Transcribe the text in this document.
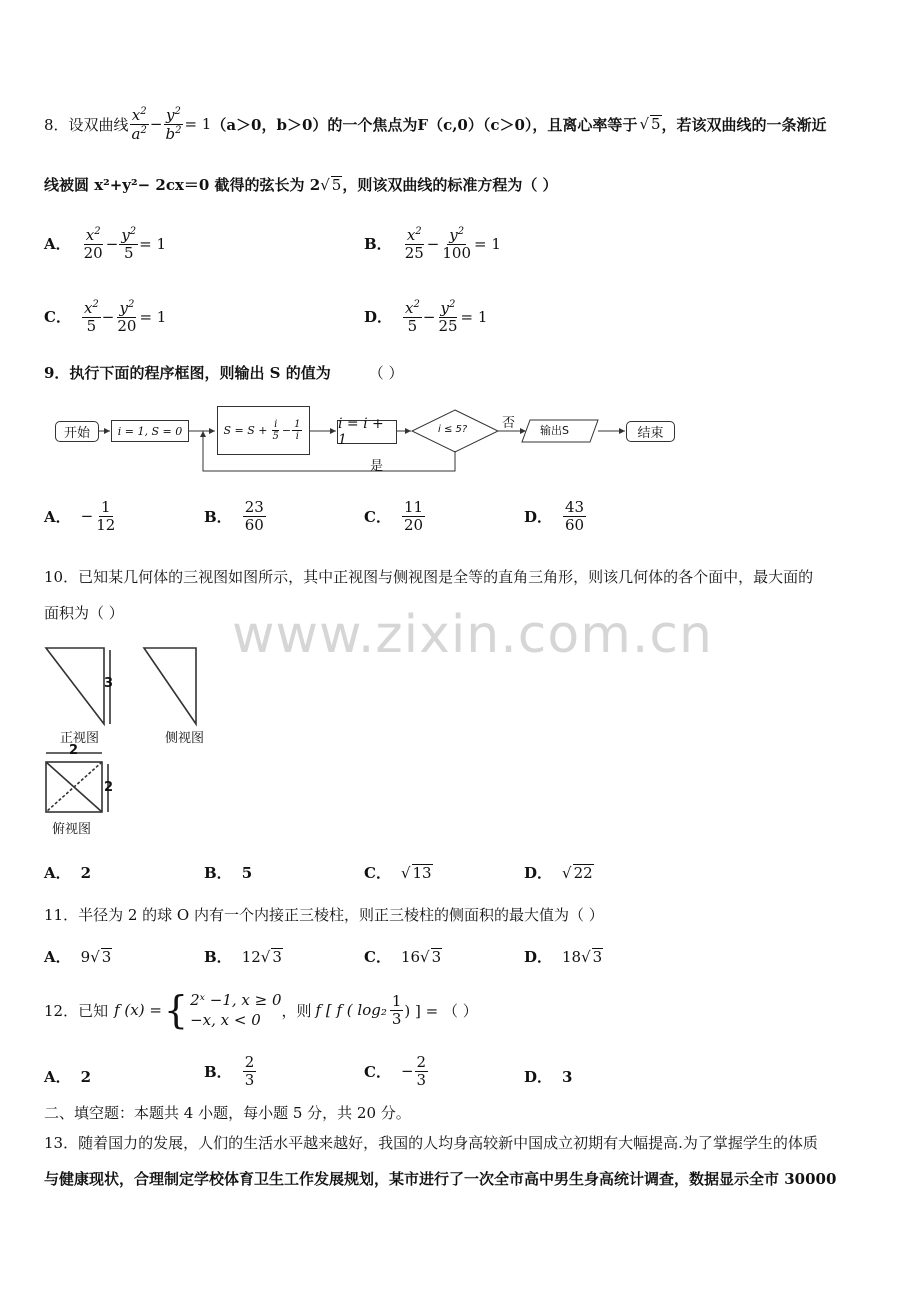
www.zixin.com.cn
8．设双曲线 $\frac{x^2}{a^2} - \frac{y^2}{b^2} = 1$ （a＞0，b＞0）的一个焦点为 F（c,0）（c＞0），且离心率等于 √ 5 ，若该双曲线的一条渐近
线被圆 x²+y²− 2cx＝0 截得的弦长为 2√ 5，则该双曲线的标准方程为（ ）
A． $\frac{x^2}{20} - \frac{y^2}{5} = 1$	B． $\frac{x^2}{25} - \frac{y^2}{100} = 1$
C． $\frac{x^2}{5} - \frac{y^2}{20} = 1$	D． $\frac{x^2}{5} - \frac{y^2}{25} = 1$
9．执行下面的程序框图，则输出 S 的值为	（ ）
开始	i = 1, S = 0	$S = S + \frac{i}{5} - \frac{1}{i}$	i = i + 1
i ≤ 5?	否
是
输出S	结束
A． − $\frac{1}{12}$	B． $\frac{23}{60}$	C． $\frac{11}{20}$	D． $\frac{43}{60}$
10．已知某几何体的三视图如图所示，其中正视图与侧视图是全等的直角三角形，则该几何体的各个面中，最大面的
面积为（ ）
3
正视图	侧视图
2
2
俯视图
A． 2	B． 5	C． √ 13	D． √ 22
11．半径为 2 的球 O 内有一个内接正三棱柱，则正三棱柱的侧面积的最大值为（ ）
A． 9 √ 3	B． 12 √ 3	C． 16 √ 3	D． 18 √ 3
12．已知 f (x) = { 2ˣ −1, x ≥ 0
−x, x < 0
，则 f [ f ( $\log_2 \frac{1}{3}$ ) ] = （ ）
A． 2	B． $\frac{2}{3}$	C． − $\frac{2}{3}$	D． 3
二、填空题：本题共 4 小题，每小题 5 分，共 20 分。
13．随着国力的发展，人们的生活水平越来越好，我国的人均身高较新中国成立初期有大幅提高.为了掌握学生的体质
与健康现状，合理制定学校体育卫生工作发展规划，某市进行了一次全市高中男生身高统计调查，数据显示全市 30000
